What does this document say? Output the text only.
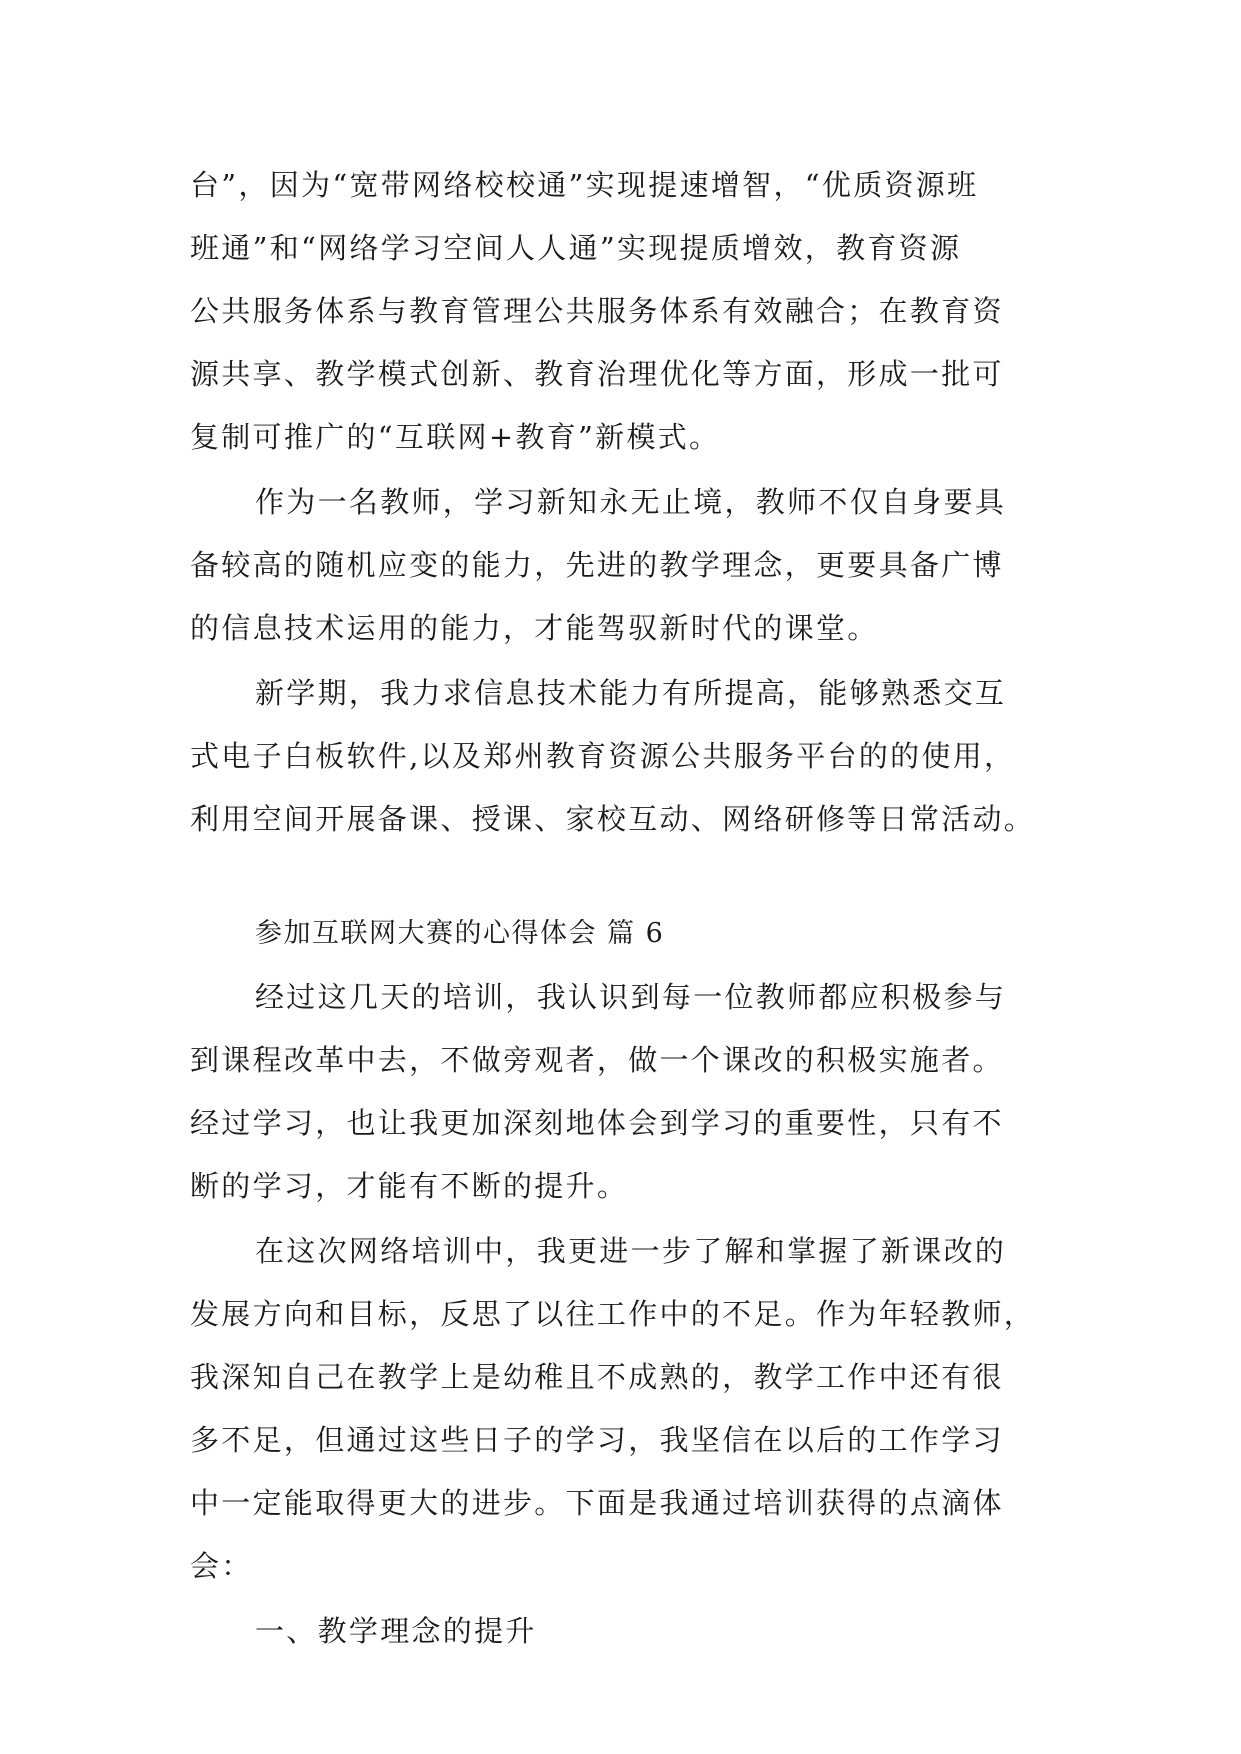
台”，因为“宽带网络校校通”实现提速增智，“优质资源班
班通”和“网络学习空间人人通”实现提质增效，教育资源
公共服务体系与教育管理公共服务体系有效融合；在教育资
源共享、教学模式创新、教育治理优化等方面，形成一批可
复制可推广的“互联网+教育”新模式。
作为一名教师，学习新知永无止境，教师不仅自身要具
备较高的随机应变的能力，先进的教学理念，更要具备广博
的信息技术运用的能力，才能驾驭新时代的课堂。
新学期，我力求信息技术能力有所提高，能够熟悉交互
式电子白板软件,以及郑州教育资源公共服务平台的的使用，
利用空间开展备课、授课、家校互动、网络研修等日常活动。
参加互联网大赛的心得体会 篇 6
经过这几天的培训，我认识到每一位教师都应积极参与
到课程改革中去，不做旁观者，做一个课改的积极实施者。
经过学习，也让我更加深刻地体会到学习的重要性，只有不
断的学习，才能有不断的提升。
在这次网络培训中，我更进一步了解和掌握了新课改的
发展方向和目标，反思了以往工作中的不足。作为年轻教师，
我深知自己在教学上是幼稚且不成熟的，教学工作中还有很
多不足，但通过这些日子的学习，我坚信在以后的工作学习
中一定能取得更大的进步。下面是我通过培训获得的点滴体
会：
一、教学理念的提升
